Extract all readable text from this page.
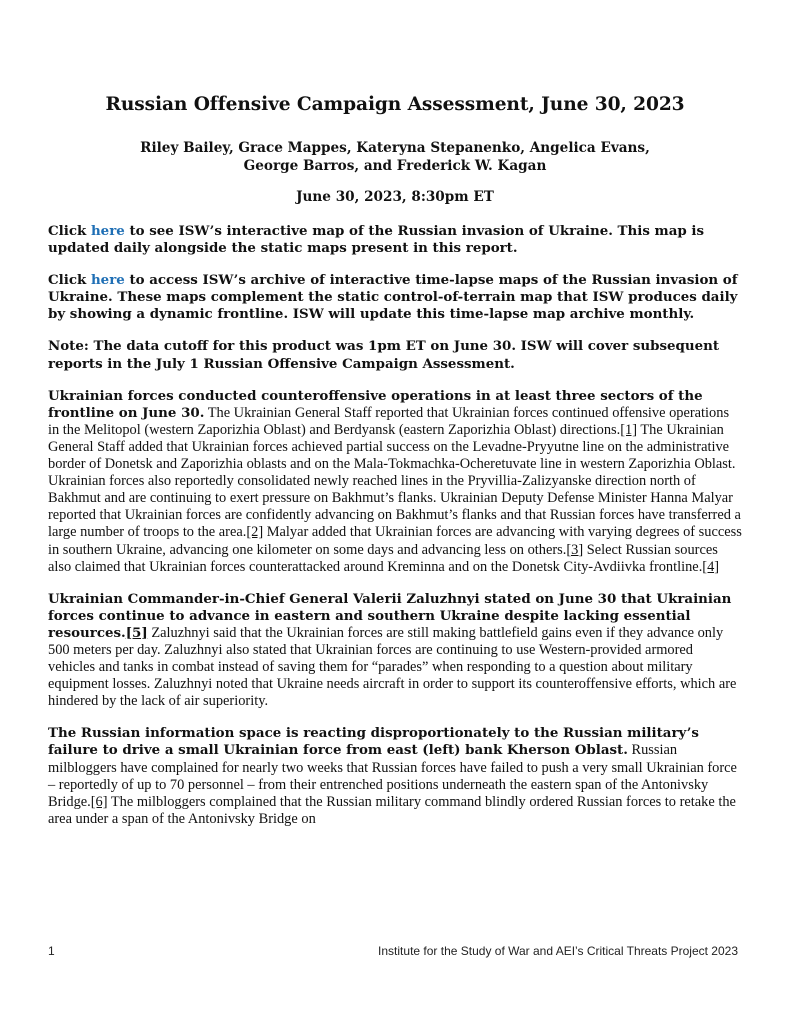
Russian Offensive Campaign Assessment, June 30, 2023
Riley Bailey, Grace Mappes, Kateryna Stepanenko, Angelica Evans,
George Barros, and Frederick W. Kagan
June 30, 2023, 8:30pm ET

Click here to see ISW’s interactive map of the Russian invasion of Ukraine. This map is updated daily alongside the static maps present in this report.

Click here to access ISW’s archive of interactive time-lapse maps of the Russian invasion of Ukraine. These maps complement the static control-of-terrain map that ISW produces daily by showing a dynamic frontline. ISW will update this time-lapse map archive monthly.

Note: The data cutoff for this product was 1pm ET on June 30. ISW will cover subsequent reports in the July 1 Russian Offensive Campaign Assessment.

Ukrainian forces conducted counteroffensive operations in at least three sectors of the frontline on June 30. The Ukrainian General Staff reported that Ukrainian forces continued offensive operations in the Melitopol (western Zaporizhia Oblast) and Berdyansk (eastern Zaporizhia Oblast) directions.[1] The Ukrainian General Staff added that Ukrainian forces achieved partial success on the Levadne-Pryyutne line on the administrative border of Donetsk and Zaporizhia oblasts and on the Mala-Tokmachka-Ocheretuvate line in western Zaporizhia Oblast. Ukrainian forces also reportedly consolidated newly reached lines in the Pryvillia-Zalizyanske direction north of Bakhmut and are continuing to exert pressure on Bakhmut’s flanks. Ukrainian Deputy Defense Minister Hanna Malyar reported that Ukrainian forces are confidently advancing on Bakhmut’s flanks and that Russian forces have transferred a large number of troops to the area.[2] Malyar added that Ukrainian forces are advancing with varying degrees of success in southern Ukraine, advancing one kilometer on some days and advancing less on others.[3] Select Russian sources also claimed that Ukrainian forces counterattacked around Kreminna and on the Donetsk City-Avdiivka frontline.[4]

Ukrainian Commander-in-Chief General Valerii Zaluzhnyi stated on June 30 that Ukrainian forces continue to advance in eastern and southern Ukraine despite lacking essential resources.[5] Zaluzhnyi said that the Ukrainian forces are still making battlefield gains even if they advance only 500 meters per day. Zaluzhnyi also stated that Ukrainian forces are continuing to use Western-provided armored vehicles and tanks in combat instead of saving them for “parades” when responding to a question about military equipment losses. Zaluzhnyi noted that Ukraine needs aircraft in order to support its counteroffensive efforts, which are hindered by the lack of air superiority.

The Russian information space is reacting disproportionately to the Russian military’s failure to drive a small Ukrainian force from east (left) bank Kherson Oblast. Russian milbloggers have complained for nearly two weeks that Russian forces have failed to push a very small Ukrainian force – reportedly of up to 70 personnel – from their entrenched positions underneath the eastern span of the Antonivsky Bridge.[6] The milbloggers complained that the Russian military command blindly ordered Russian forces to retake the area under a span of the Antonivsky Bridge on

1	Institute for the Study of War and AEI’s Critical Threats Project 2023
